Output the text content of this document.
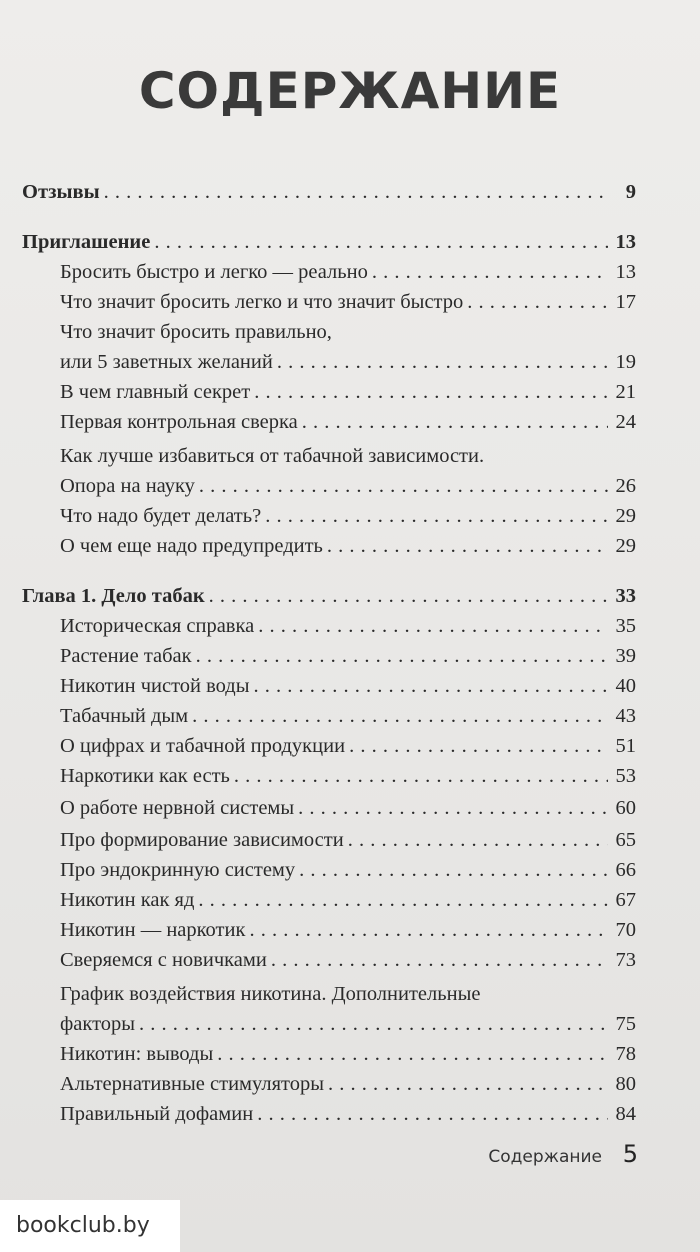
СОДЕРЖАНИЕ
Отзывы . . .	9
Приглашение . . .	13
Бросить быстро и легко — реально . . .	13
Что значит бросить легко и что значит быстро . . .	17
Что значит бросить правильно,
или 5 заветных желаний . . .	19
В чем главный секрет . . .	21
Первая контрольная сверка . . .	24
Как лучше избавиться от табачной зависимости.
Опора на науку . . .	26
Что надо будет делать? . . .	29
О чем еще надо предупредить . . .	29
Глава 1. Дело табак . . .	33
Историческая справка . . .	35
Растение табак . . .	39
Никотин чистой воды . . .	40
Табачный дым . . .	43
О цифрах и табачной продукции . . .	51
Наркотики как есть . . .	53
О работе нервной системы . . .	60
Про формирование зависимости . . .	65
Про эндокринную систему . . .	66
Никотин как яд . . .	67
Никотин — наркотик . . .	70
Сверяемся с новичками . . .	73
График воздействия никотина. Дополнительные
факторы . . .	75
Никотин: выводы . . .	78
Альтернативные стимуляторы . . .	80
Правильный дофамин . . .	84
Содержание 5
bookclub.by
